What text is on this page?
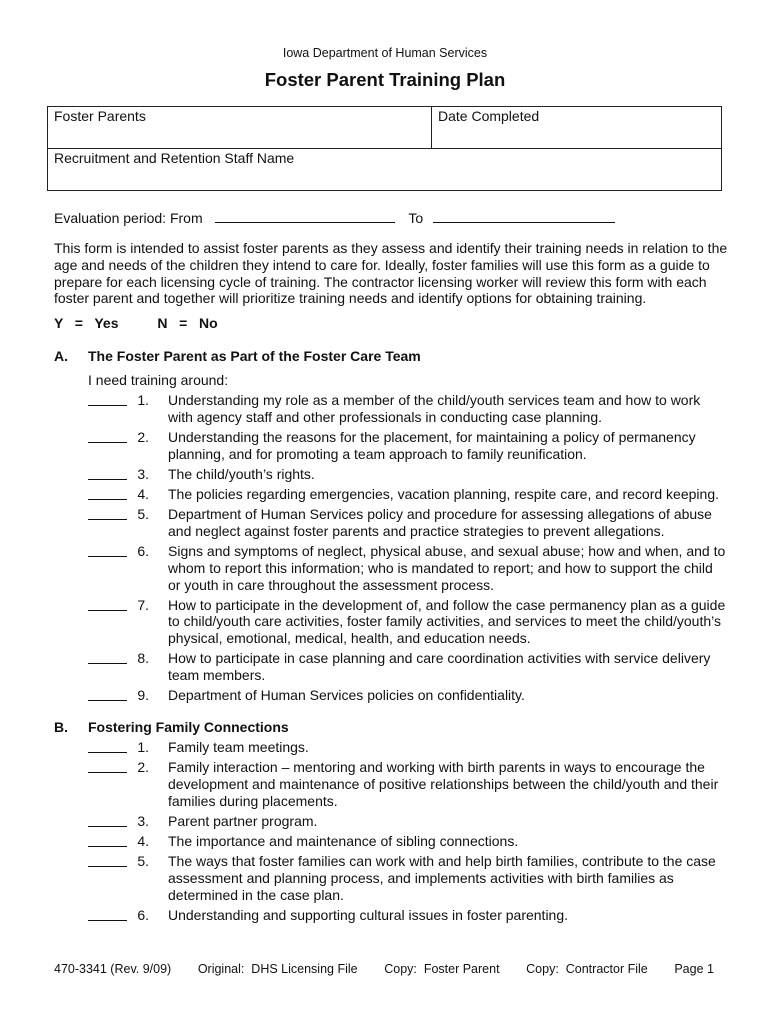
Iowa Department of Human Services
Foster Parent Training Plan
Foster Parents	Date Completed
Recruitment and Retention Staff Name
Evaluation period: From	To
This form is intended to assist foster parents as they assess and identify their training needs in relation to the age and needs of the children they intend to care for. Ideally, foster families will use this form as a guide to prepare for each licensing cycle of training. The contractor licensing worker will review this form with each foster parent and together will prioritize training needs and identify options for obtaining training.
Y   =   Yes          N   =   No
A. The Foster Parent as Part of the Foster Care Team
I need training around:
1. Understanding my role as a member of the child/youth services team and how to work with agency staff and other professionals in conducting case planning.
2. Understanding the reasons for the placement, for maintaining a policy of permanency planning, and for promoting a team approach to family reunification.
3. The child/youth’s rights.
4. The policies regarding emergencies, vacation planning, respite care, and record keeping.
5. Department of Human Services policy and procedure for assessing allegations of abuse and neglect against foster parents and practice strategies to prevent allegations.
6. Signs and symptoms of neglect, physical abuse, and sexual abuse; how and when, and to whom to report this information; who is mandated to report; and how to support the child or youth in care throughout the assessment process.
7. How to participate in the development of, and follow the case permanency plan as a guide to child/youth care activities, foster family activities, and services to meet the child/youth’s physical, emotional, medical, health, and education needs.
8. How to participate in case planning and care coordination activities with service delivery team members.
9. Department of Human Services policies on confidentiality.
B. Fostering Family Connections
1. Family team meetings.
2. Family interaction – mentoring and working with birth parents in ways to encourage the development and maintenance of positive relationships between the child/youth and their families during placements.
3. Parent partner program.
4. The importance and maintenance of sibling connections.
5. The ways that foster families can work with and help birth families, contribute to the case assessment and planning process, and implements activities with birth families as determined in the case plan.
6. Understanding and supporting cultural issues in foster parenting.
470-3341 (Rev. 9/09) Original:  DHS Licensing File Copy:  Foster Parent Copy:  Contractor File Page 1
